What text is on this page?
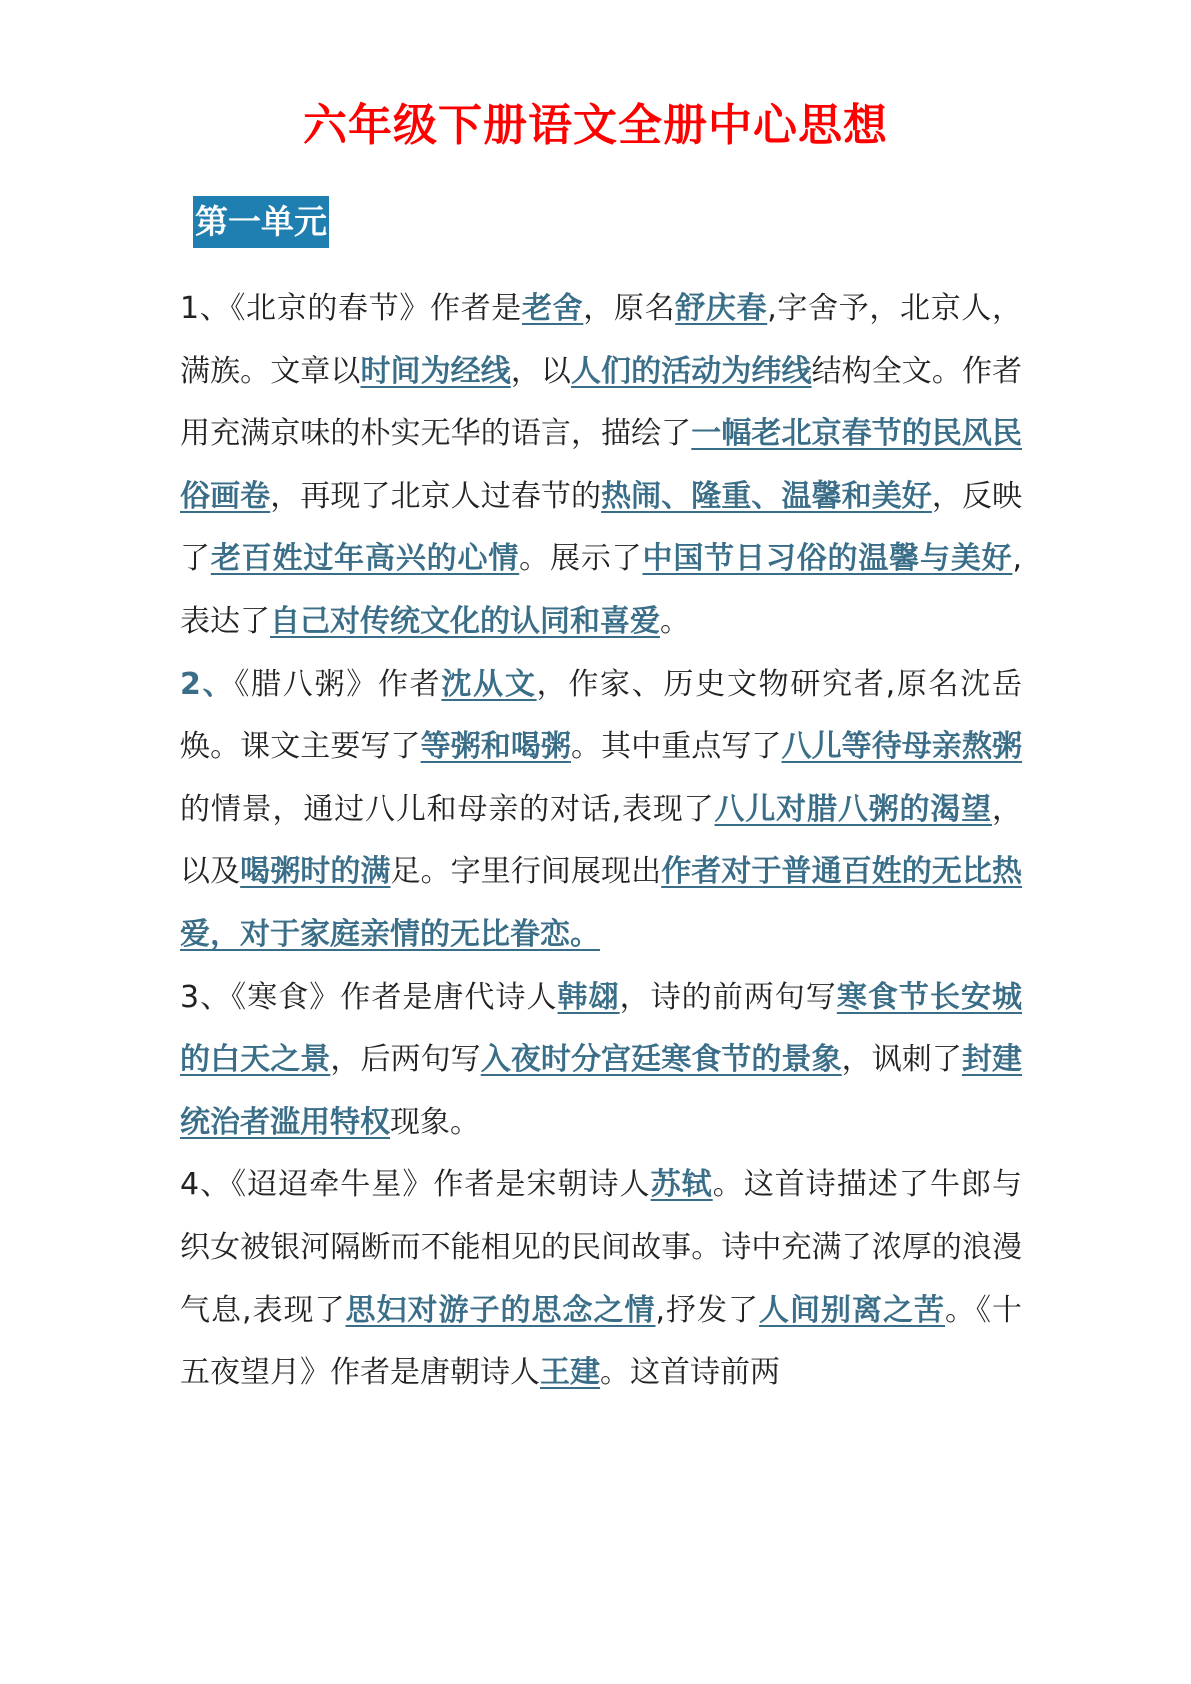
六年级下册语文全册中心思想
第一单元

1、《北京的春节》作者是老舍，原名舒庆春,字舍予，北京人，满族。文章以时间为经线，以人们的活动为纬线结构全文。作者用充满京味的朴实无华的语言，描绘了一幅老北京春节的民风民俗画卷，再现了北京人过春节的热闹、隆重、温馨和美好，反映了老百姓过年高兴的心情。展示了中国节日习俗的温馨与美好,表达了自己对传统文化的认同和喜爱。

2、《腊八粥》作者沈从文，作家、历史文物研究者,原名沈岳焕。课文主要写了等粥和喝粥。其中重点写了八儿等待母亲熬粥的情景，通过八儿和母亲的对话,表现了八儿对腊八粥的渴望，以及喝粥时的满足。字里行间展现出作者对于普通百姓的无比热爱，对于家庭亲情的无比眷恋。

3、《寒食》作者是唐代诗人韩翃，诗的前两句写寒食节长安城的白天之景，后两句写入夜时分宫廷寒食节的景象，讽刺了封建统治者滥用特权现象。

4、《迢迢牵牛星》作者是宋朝诗人苏轼。这首诗描述了牛郎与织女被银河隔断而不能相见的民间故事。诗中充满了浓厚的浪漫气息,表现了思妇对游子的思念之情,抒发了人间别离之苦。《十五夜望月》作者是唐朝诗人王建。这首诗前两
